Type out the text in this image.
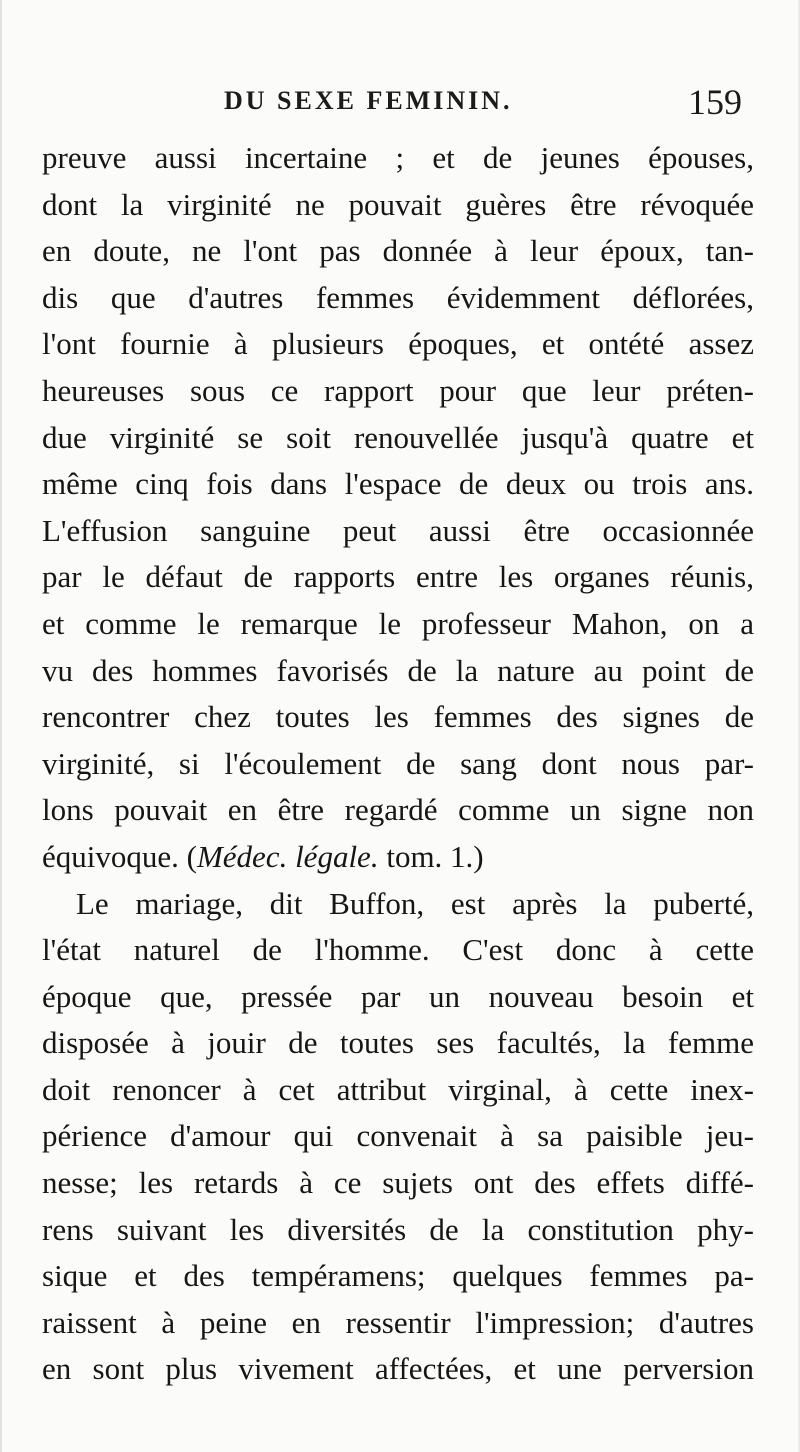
DU SEXE FEMININ.	159
preuve aussi incertaine ; et de jeunes épouses,
dont la virginité ne pouvait guères être révoquée
en doute, ne l'ont pas donnée à leur époux, tan-
dis que d'autres femmes évidemment déflorées,
l'ont fournie à plusieurs époques, et ontété assez
heureuses sous ce rapport pour que leur préten-
due virginité se soit renouvellée jusqu'à quatre et
même cinq fois dans l'espace de deux ou trois ans.
L'effusion sanguine peut aussi être occasionnée
par le défaut de rapports entre les organes réunis,
et comme le remarque le professeur Mahon, on a
vu des hommes favorisés de la nature au point de
rencontrer chez toutes les femmes des signes de
virginité, si l'écoulement de sang dont nous par-
lons pouvait en être regardé comme un signe non
équivoque. (Médec. légale. tom. 1.)
Le mariage, dit Buffon, est après la puberté,
l'état naturel de l'homme. C'est donc à cette
époque que, pressée par un nouveau besoin et
disposée à jouir de toutes ses facultés, la femme
doit renoncer à cet attribut virginal, à cette inex-
périence d'amour qui convenait à sa paisible jeu-
nesse; les retards à ce sujets ont des effets diffé-
rens suivant les diversités de la constitution phy-
sique et des tempéramens; quelques femmes pa-
raissent à peine en ressentir l'impression; d'autres
en sont plus vivement affectées, et une perversion
